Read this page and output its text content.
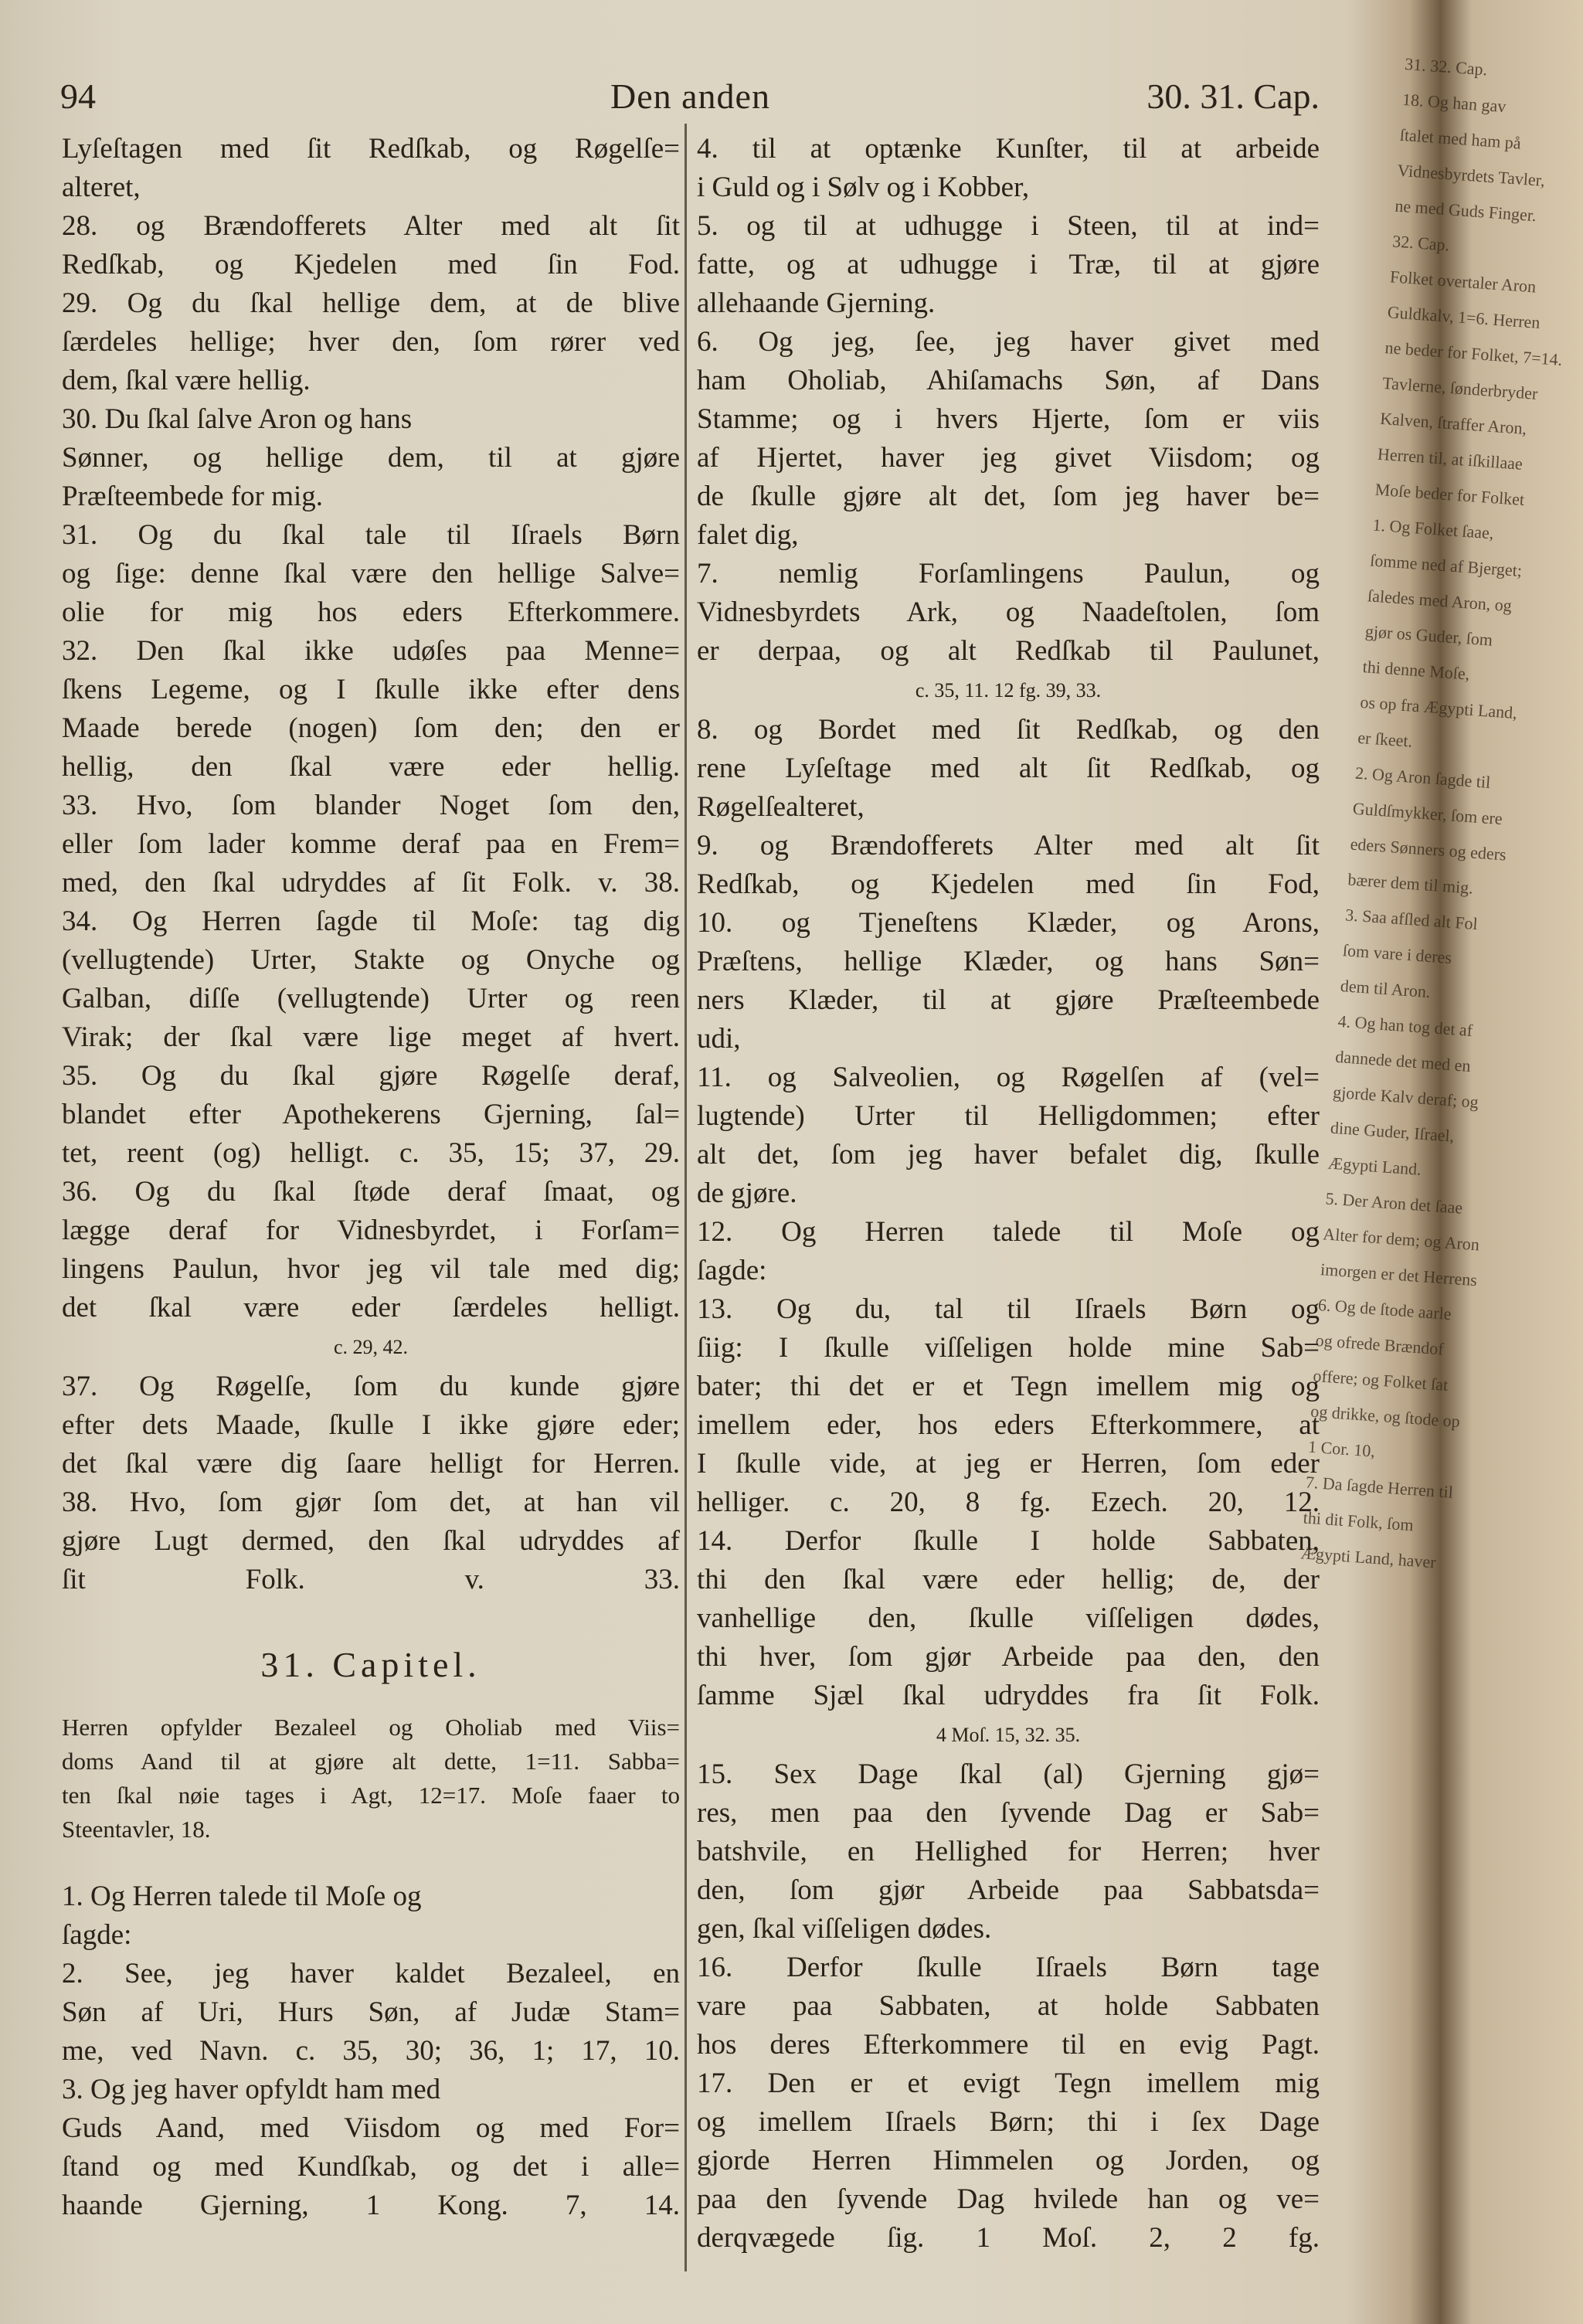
94	Den anden	30. 31. Cap.
Lyſeſtagen med ſit Redſkab, og Røgelſe=
alteret,
28. og Brændofferets Alter med alt ſit
Redſkab, og Kjedelen med ſin Fod.
29. Og du ſkal hellige dem, at de blive
ſærdeles hellige; hver den, ſom rører ved
dem, ſkal være hellig.
30. Du ſkal ſalve Aron og hans
Sønner, og hellige dem, til at gjøre
Præſteembede for mig.
31. Og du ſkal tale til Iſraels Børn
og ſige: denne ſkal være den hellige Salve=
olie for mig hos eders Efterkommere.
32. Den ſkal ikke udøſes paa Menne=
ſkens Legeme, og I ſkulle ikke efter dens
Maade berede (nogen) ſom den; den er
hellig, den ſkal være eder hellig.
33. Hvo, ſom blander Noget ſom den,
eller ſom lader komme deraf paa en Frem=
med, den ſkal udryddes af ſit Folk. v. 38.
34. Og Herren ſagde til Moſe: tag dig
(vellugtende) Urter, Stakte og Onyche og
Galban, diſſe (vellugtende) Urter og reen
Virak; der ſkal være lige meget af hvert.
35. Og du ſkal gjøre Røgelſe deraf,
blandet efter Apothekerens Gjerning, ſal=
tet, reent (og) helligt. c. 35, 15; 37, 29.
36. Og du ſkal ſtøde deraf ſmaat, og
lægge deraf for Vidnesbyrdet, i Forſam=
lingens Paulun, hvor jeg vil tale med dig;
det ſkal være eder ſærdeles helligt.
c. 29, 42.
37. Og Røgelſe, ſom du kunde gjøre
efter dets Maade, ſkulle I ikke gjøre eder;
det ſkal være dig ſaare helligt for Herren.
38. Hvo, ſom gjør ſom det, at han vil
gjøre Lugt dermed, den ſkal udryddes af
ſit Folk. v. 33.
31. Capitel.
Herren opfylder Bezaleel og Oholiab med Viis=
doms Aand til at gjøre alt dette, 1=11. Sabba=
ten ſkal nøie tages i Agt, 12=17. Moſe faaer to
Steentavler, 18.
1. Og Herren talede til Moſe og
ſagde:
2. See, jeg haver kaldet Bezaleel, en
Søn af Uri, Hurs Søn, af Judæ Stam=
me, ved Navn. c. 35, 30; 36, 1; 17, 10.
3. Og jeg haver opfyldt ham med
Guds Aand, med Viisdom og med For=
ſtand og med Kundſkab, og det i alle=
haande Gjerning, 1 Kong. 7, 14.
4. til at optænke Kunſter, til at arbeide
i Guld og i Sølv og i Kobber,
5. og til at udhugge i Steen, til at ind=
fatte, og at udhugge i Træ, til at gjøre
allehaande Gjerning.
6. Og jeg, ſee, jeg haver givet med
ham Oholiab, Ahiſamachs Søn, af Dans
Stamme; og i hvers Hjerte, ſom er viis
af Hjertet, haver jeg givet Viisdom; og
de ſkulle gjøre alt det, ſom jeg haver be=
falet dig,
7. nemlig Forſamlingens Paulun, og
Vidnesbyrdets Ark, og Naadeſtolen, ſom
er derpaa, og alt Redſkab til Paulunet,
c. 35, 11. 12 fg. 39, 33.
8. og Bordet med ſit Redſkab, og den
rene Lyſeſtage med alt ſit Redſkab, og
Røgelſealteret,
9. og Brændofferets Alter med alt ſit
Redſkab, og Kjedelen med ſin Fod,
10. og Tjeneſtens Klæder, og Arons,
Præſtens, hellige Klæder, og hans Søn=
ners Klæder, til at gjøre Præſteembede
udi,
11. og Salveolien, og Røgelſen af (vel=
lugtende) Urter til Helligdommen; efter
alt det, ſom jeg haver befalet dig, ſkulle
de gjøre.
12. Og Herren talede til Moſe og
ſagde:
13. Og du, tal til Iſraels Børn og
ſiig: I ſkulle viſſeligen holde mine Sab=
bater; thi det er et Tegn imellem mig og
imellem eder, hos eders Efterkommere, at
I ſkulle vide, at jeg er Herren, ſom eder
helliger. c. 20, 8 fg. Ezech. 20, 12.
14. Derfor ſkulle I holde Sabbaten,
thi den ſkal være eder hellig; de, der
vanhellige den, ſkulle viſſeligen dødes,
thi hver, ſom gjør Arbeide paa den, den
ſamme Sjæl ſkal udryddes fra ſit Folk.
4 Moſ. 15, 32. 35.
15. Sex Dage ſkal (al) Gjerning gjø=
res, men paa den ſyvende Dag er Sab=
batshvile, en Hellighed for Herren; hver
den, ſom gjør Arbeide paa Sabbatsda=
gen, ſkal viſſeligen dødes.
16. Derfor ſkulle Iſraels Børn tage
vare paa Sabbaten, at holde Sabbaten
hos deres Efterkommere til en evig Pagt.
17. Den er et evigt Tegn imellem mig
og imellem Iſraels Børn; thi i ſex Dage
gjorde Herren Himmelen og Jorden, og
paa den ſyvende Dag hvilede han og ve=
derqvægede ſig. 1 Moſ. 2, 2 fg.
31. 32. Cap.
18. Og han gav
ſtalet med ham på
Vidnesbyrdets Tavler,
ne med Guds Finger.
32. Cap.
Folket overtaler Aron
Guldkalv, 1=6. Herren
ne beder for Folket, 7=14.
Tavlerne, ſønderbryder
Kalven, ſtraffer Aron,
Herren til, at iſkillaae
Moſe beder for Folket
1. Og Folket ſaae,
ſomme ned af Bjerget;
ſaledes med Aron, og
gjør os Guder, ſom
thi denne Moſe,
os op fra Ægypti Land,
er ſkeet.
2. Og Aron ſagde til
Guldſmykker, ſom ere
eders Sønners og eders
bærer dem til mig.
3. Saa afſled alt Fol
ſom vare i deres
dem til Aron.
4. Og han tog det af
dannede det med en
gjorde Kalv deraf; og
dine Guder, Iſrael,
Ægypti Land.
5. Der Aron det ſaae
Alter for dem; og Aron
imorgen er det Herrens
6. Og de ſtode aarle
og ofrede Brændof
offere; og Folket ſat
og drikke, og ſtode op
1 Cor. 10,
7. Da ſagde Herren til
thi dit Folk, ſom
Ægypti Land, haver
